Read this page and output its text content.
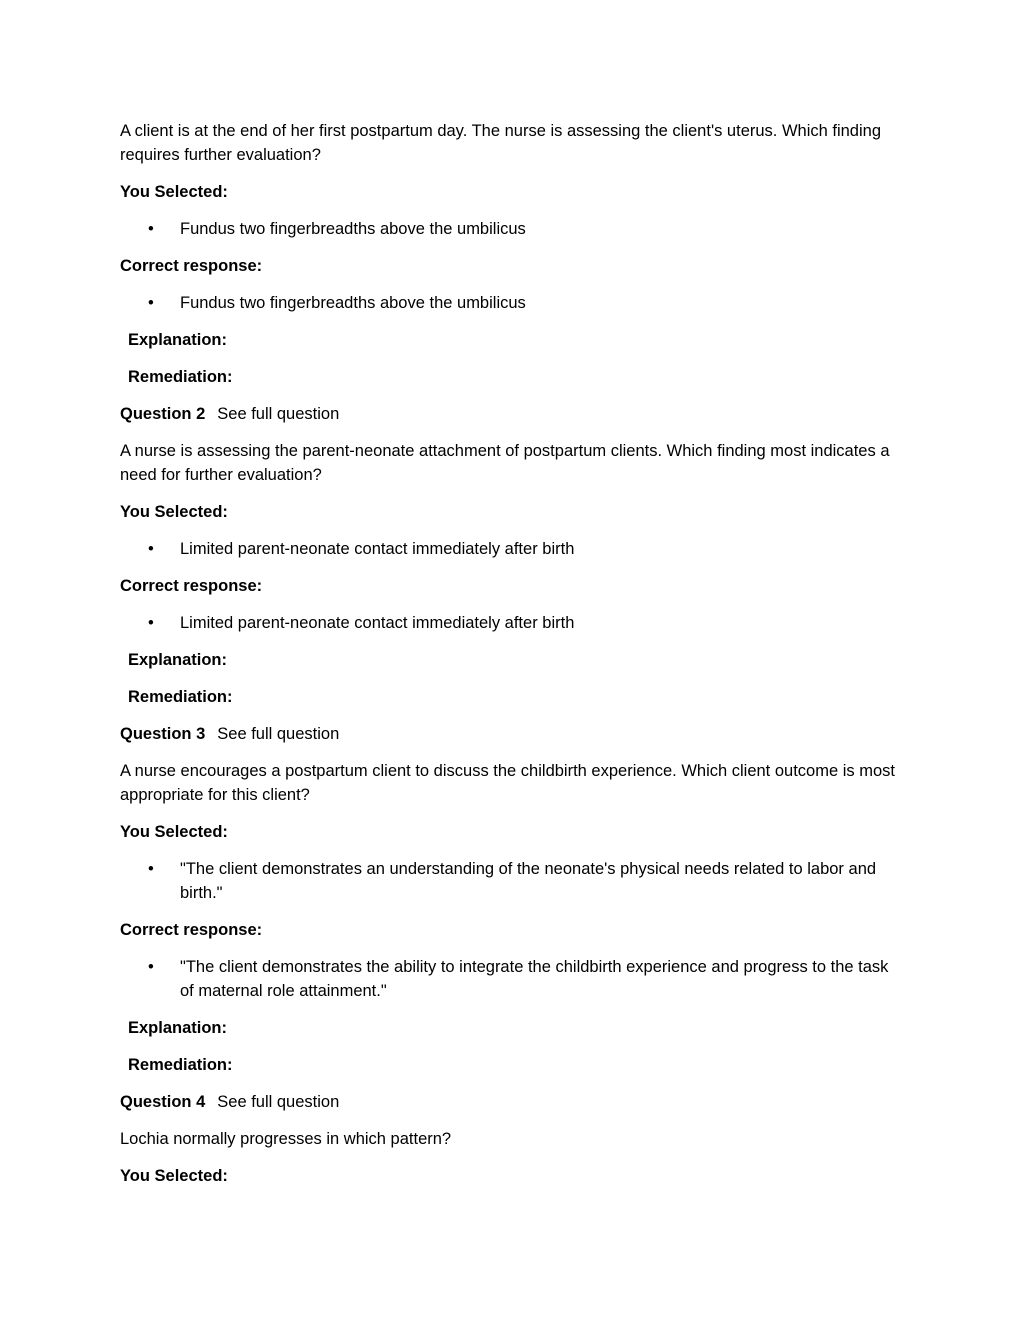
A client is at the end of her first postpartum day. The nurse is assessing the client's uterus. Which finding requires further evaluation?

You Selected:

• Fundus two fingerbreadths above the umbilicus

Correct response:

• Fundus two fingerbreadths above the umbilicus

Explanation:

Remediation:

Question 2 See full question

A nurse is assessing the parent-neonate attachment of postpartum clients. Which finding most indicates a need for further evaluation?

You Selected:

• Limited parent-neonate contact immediately after birth

Correct response:

• Limited parent-neonate contact immediately after birth

Explanation:

Remediation:

Question 3 See full question

A nurse encourages a postpartum client to discuss the childbirth experience. Which client outcome is most appropriate for this client?

You Selected:

• "The client demonstrates an understanding of the neonate's physical needs related to labor and birth."

Correct response:

• "The client demonstrates the ability to integrate the childbirth experience and progress to the task of maternal role attainment."

Explanation:

Remediation:

Question 4 See full question

Lochia normally progresses in which pattern?

You Selected:
